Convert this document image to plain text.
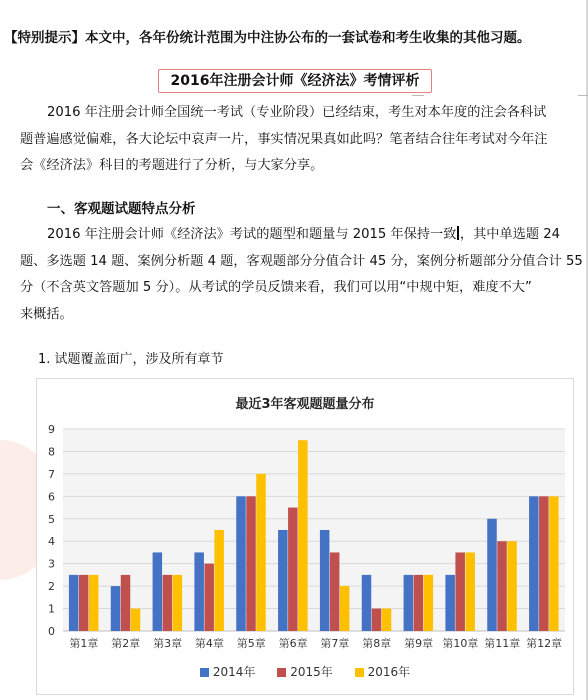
【特别提示】本文中，各年份统计范围为中注协公布的一套试卷和考生收集的其他习题。
2016年注册会计师《经济法》考情评析
2016 年注册会计师全国统一考试（专业阶段）已经结束，考生对本年度的注会各科试
题普遍感觉偏难，各大论坛中哀声一片，事实情况果真如此吗？笔者结合往年考试对今年注
会《经济法》科目的考题进行了分析，与大家分享。
一、客观题试题特点分析
2016 年注册会计师《经济法》考试的题型和题量与 2015 年保持一致 ，其中单选题 24
题、多选题 14 题、案例分析题 4 题，客观题部分分值合计 45 分，案例分析题部分分值合计 55
分（不含英文答题加 5 分）。从考试的学员反馈来看，我们可以用“中规中矩，难度不大”
来概括。
1. 试题覆盖面广，涉及所有章节
最近3年客观题题量分布
0
1
2
3
4
5
6
7
8
9
第1章 第2章 第3章 第4章 第5章 第6章 第7章 第8章 第9章 第10章 第11章 第12章
2014年	2015年	2016年
